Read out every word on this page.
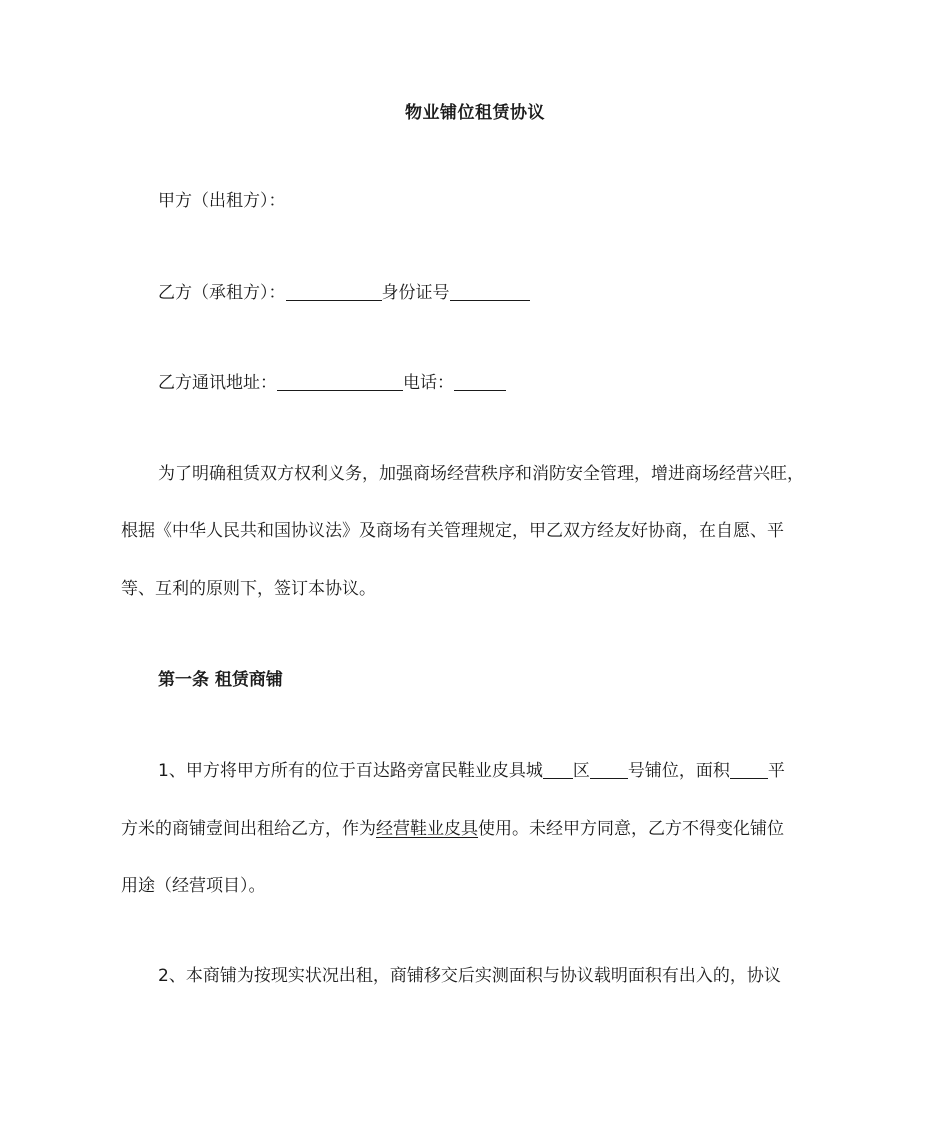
物业铺位租赁协议
甲方（出租方）：
乙方（承租方）：	身份证号
乙方通讯地址：	电话：
为了明确租赁双方权利义务，加强商场经营秩序和消防安全管理，增进商场经营兴旺，
根据《中华人民共和国协议法》及商场有关管理规定，甲乙双方经友好协商，在自愿、平
等、互利的原则下，签订本协议。
第一条 租赁商铺
1、甲方将甲方所有的位于百达路旁富民鞋业皮具城 区 号铺位，面积 平
方米的商铺壹间出租给乙方，作为经营鞋业皮具使用。未经甲方同意，乙方不得变化铺位
用途（经营项目）。
2、本商铺为按现实状况出租，商铺移交后实测面积与协议载明面积有出入的，协议
